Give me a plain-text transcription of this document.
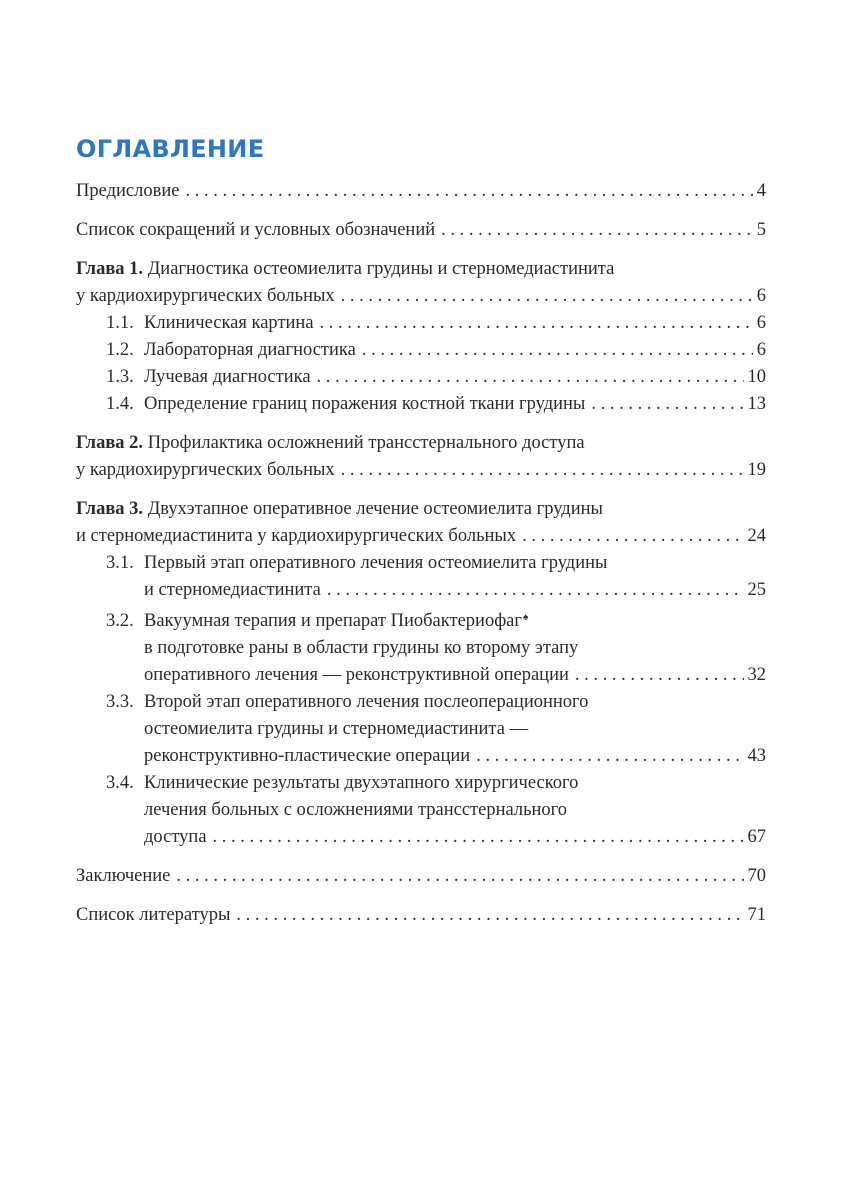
ОГЛАВЛЕНИЕ
Предисловие . . .	4
Список сокращений и условных обозначений . . .	5
Глава 1. Диагностика остеомиелита грудины и стерномедиастинита
у кардиохирургических больных . . .	6
1.1. Клиническая картина . . .	6
1.2. Лабораторная диагностика . . .	6
1.3. Лучевая диагностика . . .	10
1.4. Определение границ поражения костной ткани грудины . . .	13
Глава 2. Профилактика осложнений трансстернального доступа
у кардиохирургических больных . . .	19
Глава 3. Двухэтапное оперативное лечение остеомиелита грудины
и стерномедиастинита у кардиохирургических больных . . .	24
3.1. Первый этап оперативного лечения остеомиелита грудины
и стерномедиастинита . . .	25
3.2. Вакуумная терапия и препарат Пиобактериофаг♠
в подготовке раны в области грудины ко второму этапу
оперативного лечения — реконструктивной операции . . .	32
3.3. Второй этап оперативного лечения послеоперационного
остеомиелита грудины и стерномедиастинита —
реконструктивно-пластические операции . . .	43
3.4. Клинические результаты двухэтапного хирургического
лечения больных с осложнениями трансстернального
доступа . . .	67
Заключение . . .	70
Список литературы . . .	71
